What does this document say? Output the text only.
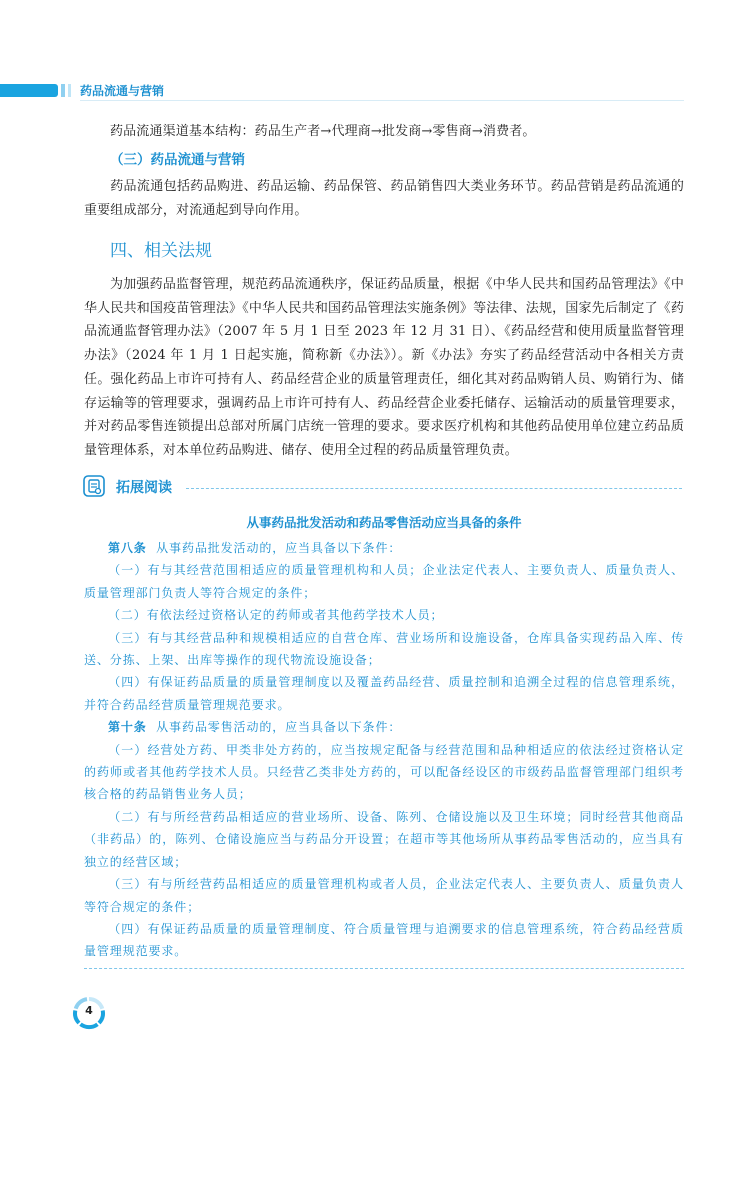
药品流通与营销
药品流通渠道基本结构：药品生产者→代理商→批发商→零售商→消费者。
（三）药品流通与营销
药品流通包括药品购进、药品运输、药品保管、药品销售四大类业务环节。药品营销是药品流通的重要组成部分，对流通起到导向作用。
四、相关法规
为加强药品监督管理，规范药品流通秩序，保证药品质量，根据《中华人民共和国药品管理法》《中华人民共和国疫苗管理法》《中华人民共和国药品管理法实施条例》等法律、法规，国家先后制定了《药品流通监督管理办法》（2007 年 5 月 1 日至 2023 年 12 月 31 日）、《药品经营和使用质量监督管理办法》（2024 年 1 月 1 日起实施，简称新《办法》）。新《办法》夯实了药品经营活动中各相关方责任。强化药品上市许可持有人、药品经营企业的质量管理责任，细化其对药品购销人员、购销行为、储存运输等的管理要求，强调药品上市许可持有人、药品经营企业委托储存、运输活动的质量管理要求，并对药品零售连锁提出总部对所属门店统一管理的要求。要求医疗机构和其他药品使用单位建立药品质量管理体系，对本单位药品购进、储存、使用全过程的药品质量管理负责。
拓展阅读
从事药品批发活动和药品零售活动应当具备的条件
第八条 从事药品批发活动的，应当具备以下条件：
（一）有与其经营范围相适应的质量管理机构和人员；企业法定代表人、主要负责人、质量负责人、质量管理部门负责人等符合规定的条件；
（二）有依法经过资格认定的药师或者其他药学技术人员；
（三）有与其经营品种和规模相适应的自营仓库、营业场所和设施设备，仓库具备实现药品入库、传送、分拣、上架、出库等操作的现代物流设施设备；
（四）有保证药品质量的质量管理制度以及覆盖药品经营、质量控制和追溯全过程的信息管理系统，并符合药品经营质量管理规范要求。
第十条 从事药品零售活动的，应当具备以下条件：
（一）经营处方药、甲类非处方药的，应当按规定配备与经营范围和品种相适应的依法经过资格认定的药师或者其他药学技术人员。只经营乙类非处方药的，可以配备经设区的市级药品监督管理部门组织考核合格的药品销售业务人员；
（二）有与所经营药品相适应的营业场所、设备、陈列、仓储设施以及卫生环境；同时经营其他商品（非药品）的，陈列、仓储设施应当与药品分开设置；在超市等其他场所从事药品零售活动的，应当具有独立的经营区域；
（三）有与所经营药品相适应的质量管理机构或者人员，企业法定代表人、主要负责人、质量负责人等符合规定的条件；
（四）有保证药品质量的质量管理制度、符合质量管理与追溯要求的信息管理系统，符合药品经营质量管理规范要求。
4
